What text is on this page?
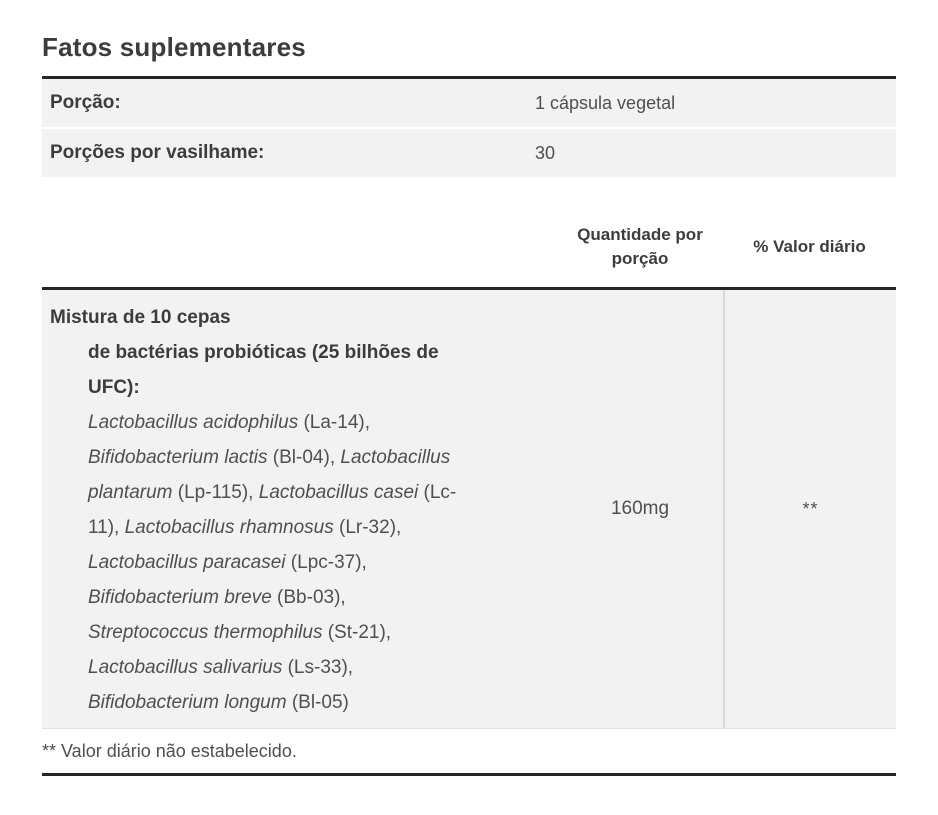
Fatos suplementares
Porção:	1 cápsula vegetal
Porções por vasilhame:	30
Quantidade por porção
% Valor diário
Mistura de 10 cepas
de bactérias probióticas (25 bilhões de
UFC):
Lactobacillus acidophilus (La-14),
Bifidobacterium lactis (Bl-04), Lactobacillus
plantarum (Lp-115), Lactobacillus casei (Lc-
11), Lactobacillus rhamnosus (Lr-32),
Lactobacillus paracasei (Lpc-37),
Bifidobacterium breve (Bb-03),
Streptococcus thermophilus (St-21),
Lactobacillus salivarius (Ls-33),
Bifidobacterium longum (Bl-05)
160mg	**
** Valor diário não estabelecido.
